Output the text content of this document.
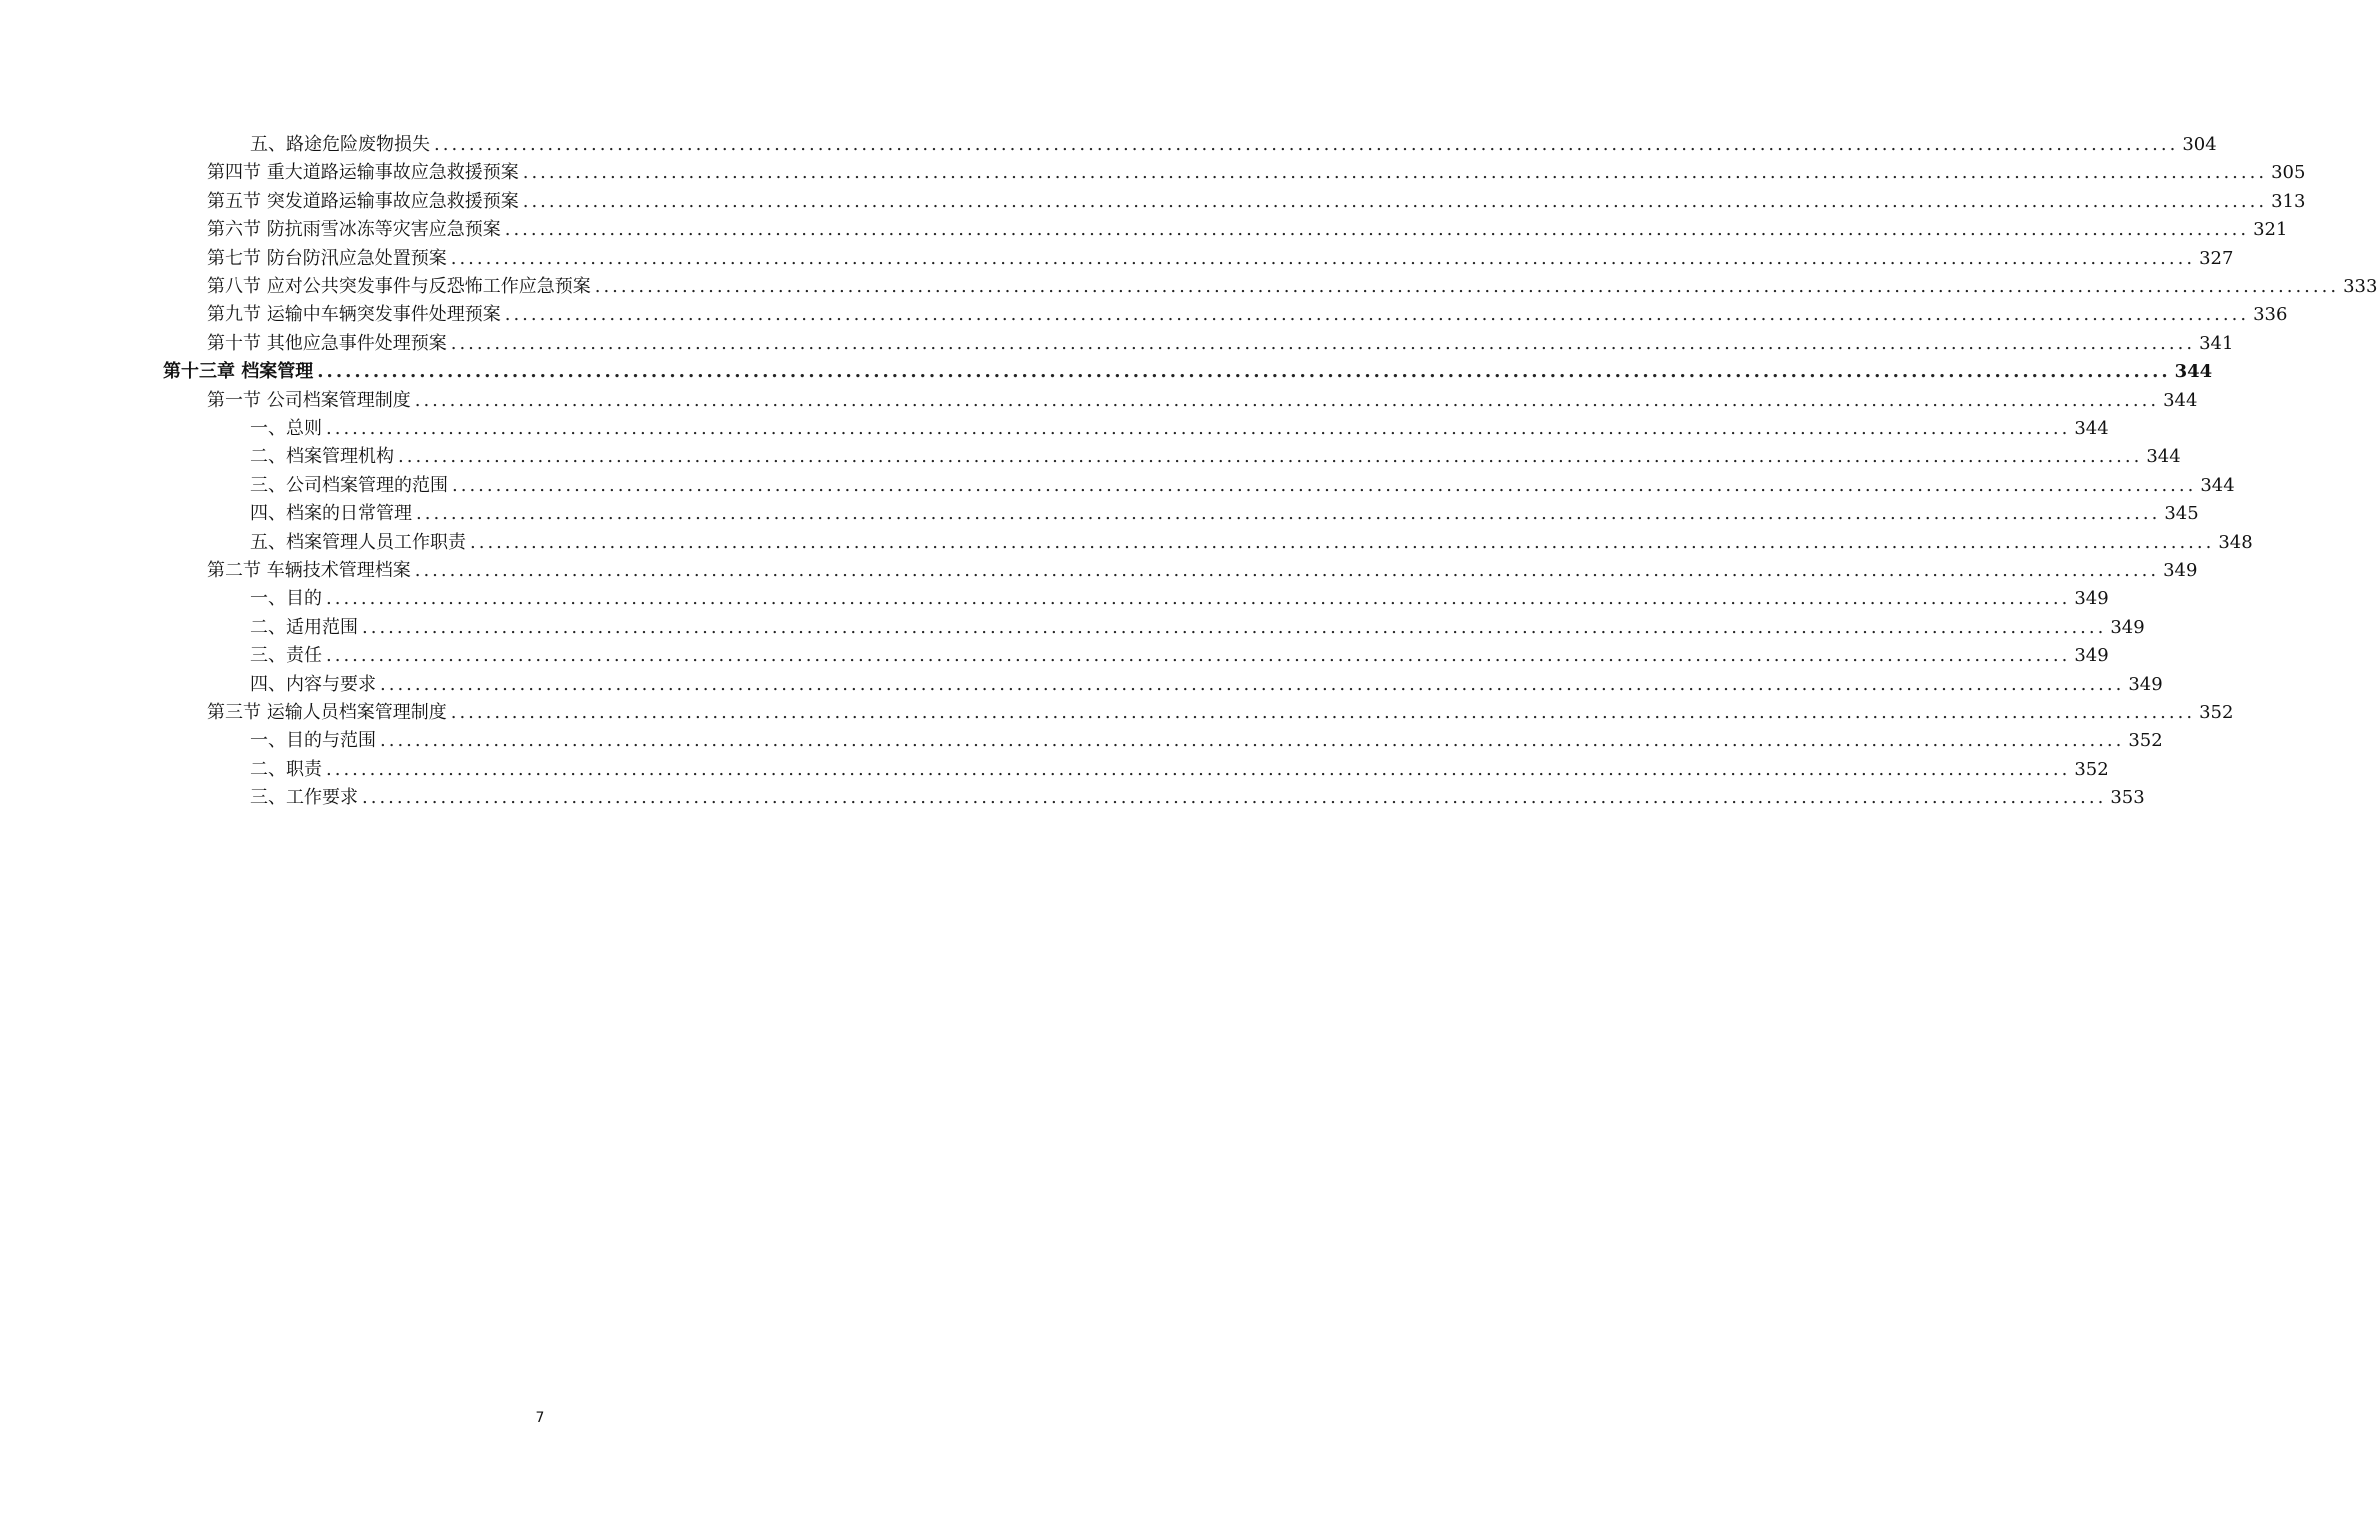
五、路途危险废物损失 ........................................................................................................................................................................................................ 304
第四节 重大道路运输事故应急救援预案 ........................................................................................................................................................................................................ 305
第五节 突发道路运输事故应急救援预案 ........................................................................................................................................................................................................ 313
第六节 防抗雨雪冰冻等灾害应急预案 ........................................................................................................................................................................................................ 321
第七节 防台防汛应急处置预案 ........................................................................................................................................................................................................ 327
第八节 应对公共突发事件与反恐怖工作应急预案 ........................................................................................................................................................................................................ 333
第九节 运输中车辆突发事件处理预案 ........................................................................................................................................................................................................ 336
第十节 其他应急事件处理预案 ........................................................................................................................................................................................................ 341
第十三章 档案管理 ........................................................................................................................................................................................................ 344
第一节 公司档案管理制度 ........................................................................................................................................................................................................ 344
一、总则 ........................................................................................................................................................................................................ 344
二、档案管理机构 ........................................................................................................................................................................................................ 344
三、公司档案管理的范围 ........................................................................................................................................................................................................ 344
四、档案的日常管理 ........................................................................................................................................................................................................ 345
五、档案管理人员工作职责 ........................................................................................................................................................................................................ 348
第二节 车辆技术管理档案 ........................................................................................................................................................................................................ 349
一、目的 ........................................................................................................................................................................................................ 349
二、适用范围 ........................................................................................................................................................................................................ 349
三、责任 ........................................................................................................................................................................................................ 349
四、内容与要求 ........................................................................................................................................................................................................ 349
第三节 运输人员档案管理制度 ........................................................................................................................................................................................................ 352
一、目的与范围 ........................................................................................................................................................................................................ 352
二、职责 ........................................................................................................................................................................................................ 352
三、工作要求 ........................................................................................................................................................................................................ 353
7
